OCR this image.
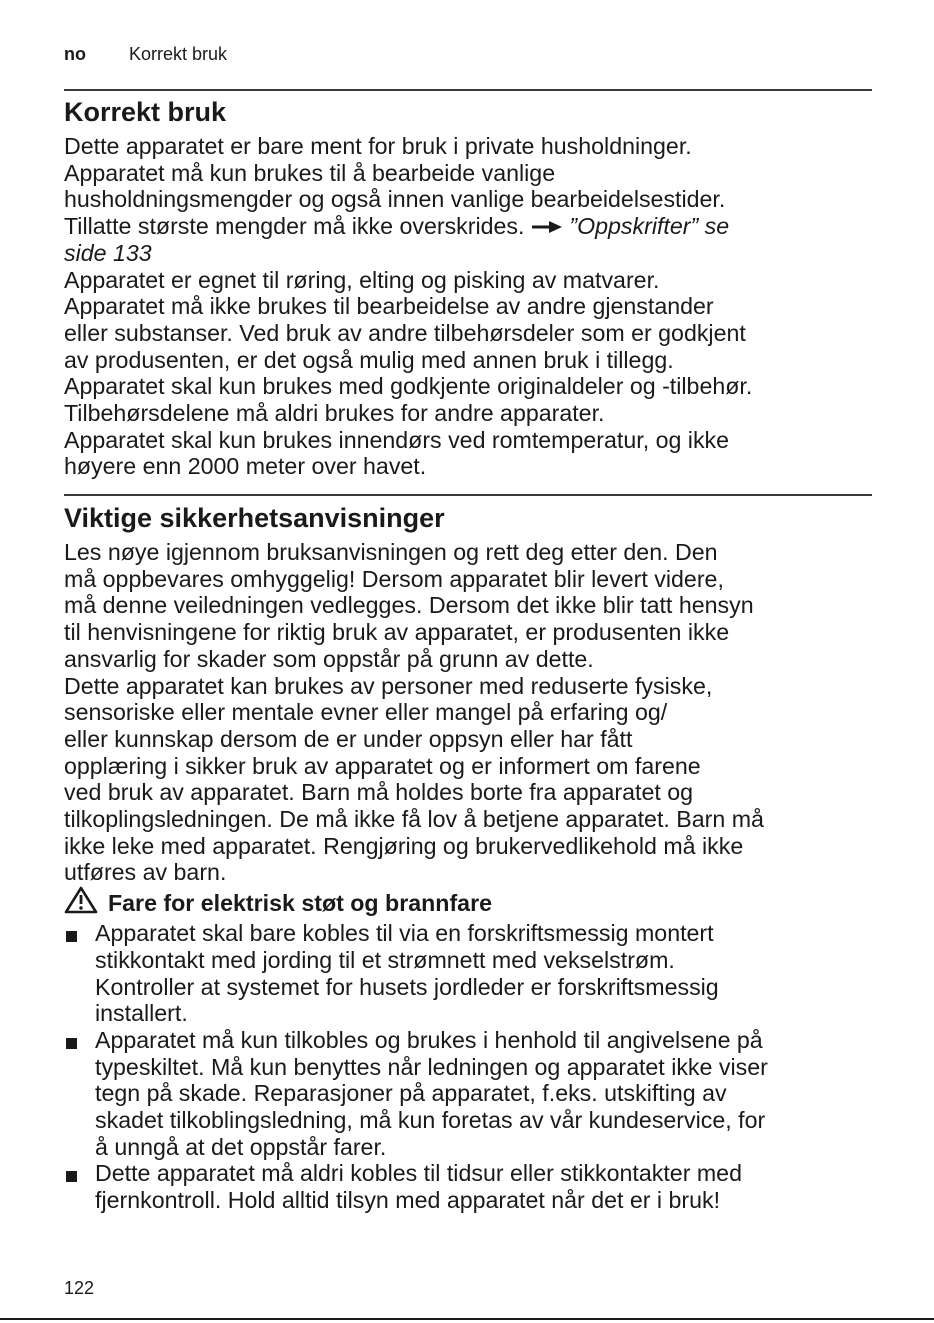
no Korrekt bruk
Korrekt bruk
Dette apparatet er bare ment for bruk i private husholdninger.
Apparatet må kun brukes til å bearbeide vanlige
husholdningsmengder og også innen vanlige bearbeidelsestider.
Tillatte største mengder må ikke overskrides. ”Oppskrifter” se
side 133
Apparatet er egnet til røring, elting og pisking av matvarer.
Apparatet må ikke brukes til bearbeidelse av andre gjenstander
eller substanser. Ved bruk av andre tilbehørsdeler som er godkjent
av produsenten, er det også mulig med annen bruk i tillegg.
Apparatet skal kun brukes med godkjente originaldeler og -tilbehør.
Tilbehørsdelene må aldri brukes for andre apparater.
Apparatet skal kun brukes innendørs ved romtemperatur, og ikke
høyere enn 2000 meter over havet.
Viktige sikkerhetsanvisninger
Les nøye igjennom bruksanvisningen og rett deg etter den. Den
må oppbevares omhyggelig! Dersom apparatet blir levert videre,
må denne veiledningen vedlegges. Dersom det ikke blir tatt hensyn
til henvisningene for riktig bruk av apparatet, er produsenten ikke
ansvarlig for skader som oppstår på grunn av dette.
Dette apparatet kan brukes av personer med reduserte fysiske,
sensoriske eller mentale evner eller mangel på erfaring og/
eller kunnskap dersom de er under oppsyn eller har fått
opplæring i sikker bruk av apparatet og er informert om farene
ved bruk av apparatet. Barn må holdes borte fra apparatet og
tilkoplingsledningen. De må ikke få lov å betjene apparatet. Barn må
ikke leke med apparatet. Rengjøring og brukervedlikehold må ikke
utføres av barn.
Fare for elektrisk støt og brannfare
Apparatet skal bare kobles til via en forskriftsmessig montert
stikkontakt med jording til et strømnett med vekselstrøm.
Kontroller at systemet for husets jordleder er forskriftsmessig
installert.
Apparatet må kun tilkobles og brukes i henhold til angivelsene på
typeskiltet. Må kun benyttes når ledningen og apparatet ikke viser
tegn på skade. Reparasjoner på apparatet, f.eks. utskifting av
skadet tilkoblingsledning, må kun foretas av vår kundeservice, for
å unngå at det oppstår farer.
Dette apparatet må aldri kobles til tidsur eller stikkontakter med
fjernkontroll. Hold alltid tilsyn med apparatet når det er i bruk!
122
